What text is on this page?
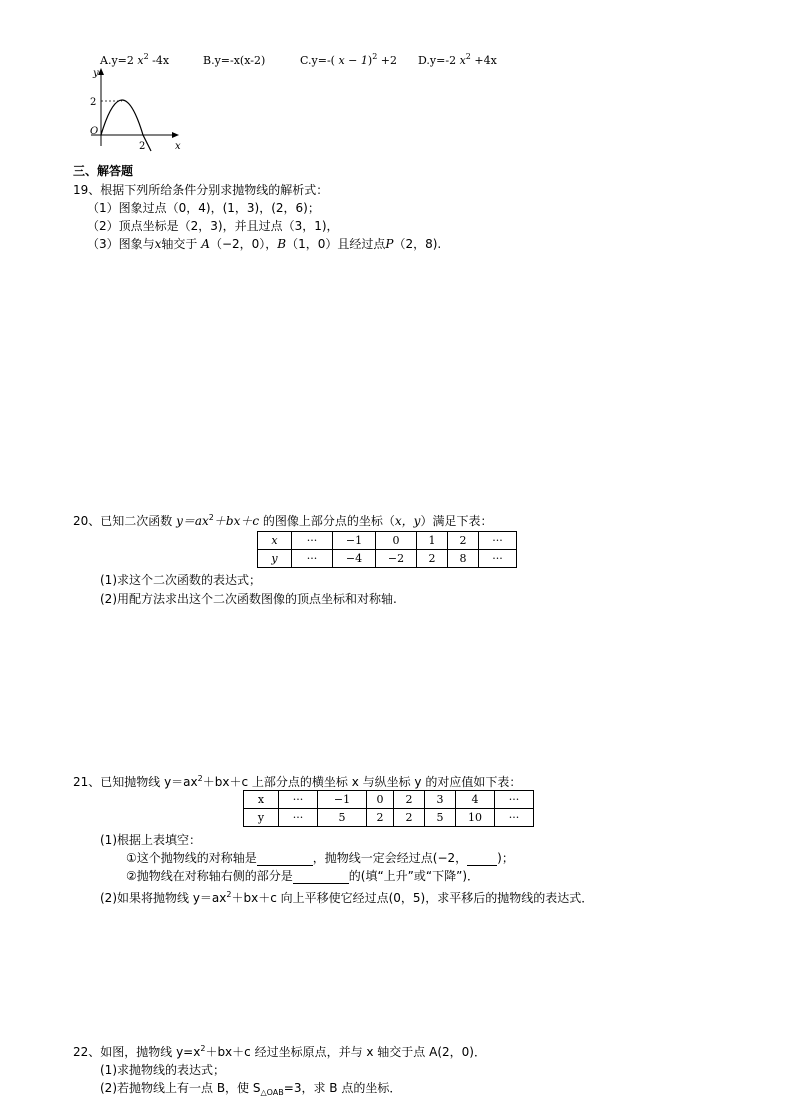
A.y=2 $x^2$ -4x	B.y=-x(x-2)	C.y=-( x − 1)$^2$ +2 D.y=-2 $x^2 +4x$
y
x
O
2
2
三、解答题
19、根据下列所给条件分别求抛物线的解析式：
（1）图象过点（0，4)，(1，3)，(2，6)；
（2）顶点坐标是（2，3)，并且过点（3，1)，
（3）图象与x轴交于 A（−2，0），B（1，0）且经过点P（2，8).
20、已知二次函数 $y=ax^2+bx+c$ 的图像上部分点的坐标（x，y）满足下表：
x	···	−1	0	1	2	···
y	···	−4	−2	2	8	···
(1)求这个二次函数的表达式；
(2)用配方法求出这个二次函数图像的顶点坐标和对称轴.
21、已知抛物线 $y=ax^2+bx+c$ 上部分点的横坐标 x 与纵坐标 y 的对应值如下表：
x	···	−1	0	2	3	4	···
y	···	5	2	2	5	10	···
(1)根据上表填空：
①这个抛物线的对称轴是	，抛物线一定会经过点(−2，	)；
②抛物线在对称轴右侧的部分是	的(填“上升”或“下降”)．
(2)如果将抛物线 $y=ax^2+bx+c$ 向上平移使它经过点(0，5)，求平移后的抛物线的表达式．
22、如图，抛物线 $y=x^2+bx+c$ 经过坐标原点，并与 x 轴交于点 A(2，0)．
(1)求抛物线的表达式；
(2)若抛物线上有一点 B，使 $S_{\triangle OAB}=3$，求 B 点的坐标．
